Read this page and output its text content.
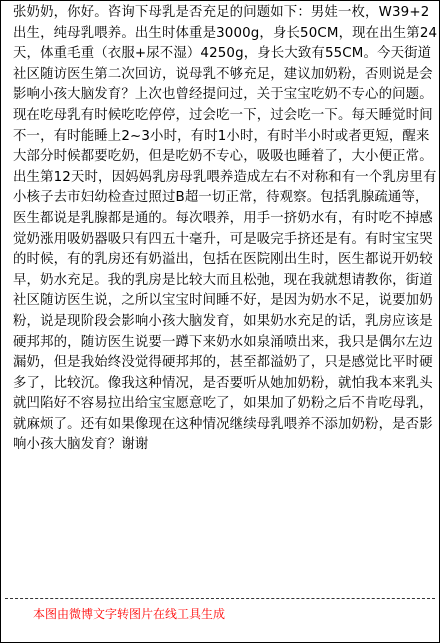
张奶奶，你好。咨询下母乳是否充足的问题如下：男娃一枚，W39+2出生，纯母乳喂养。出生时体重是3000g，身长50CM，现在出生第24天，体重毛重（衣服+尿不湿）4250g，身长大致有55CM。今天街道社区随访医生第二次回访，说母乳不够充足，建议加奶粉，否则说是会影响小孩大脑发育？上次也曾经提问过，关于宝宝吃奶不专心的问题。现在吃母乳有时候吃吃停停，过会吃一下，过会吃一下。每天睡觉时间不一，有时能睡上2~3小时，有时1小时，有时半小时或者更短，醒来大部分时候都要吃奶，但是吃奶不专心，吸吸也睡着了，大小便正常。出生第12天时，因妈妈乳房母乳喂养造成左右不对称和有一个乳房里有小核子去市妇幼检查过照过B超一切正常，待观察。包括乳腺疏通等，医生都说是乳腺都是通的。每次喂养，用手一挤奶水有，有时吃不掉感觉奶涨用吸奶器吸只有四五十毫升，可是吸完手挤还是有。有时宝宝哭的时候，有的乳房还有奶溢出，包括在医院刚出生时，医生都说开奶较早，奶水充足。我的乳房是比较大而且松弛，现在我就想请教你，街道社区随访医生说，之所以宝宝时间睡不好，是因为奶水不足，说要加奶粉，说是现阶段会影响小孩大脑发育，如果奶水充足的话，乳房应该是硬邦邦的，随访医生说要一蹲下来奶水如泉涌喷出来，我只是偶尔左边漏奶，但是我始终没觉得硬邦邦的，甚至都溢奶了，只是感觉比平时硬多了，比较沉。像我这种情况，是否要听从她加奶粉，就怕我本来乳头就凹陷好不容易拉出给宝宝愿意吃了，如果加了奶粉之后不肯吃母乳，就麻烦了。还有如果像现在这种情况继续母乳喂养不添加奶粉，是否影响小孩大脑发育？谢谢

本图由微博文字转图片在线工具生成
